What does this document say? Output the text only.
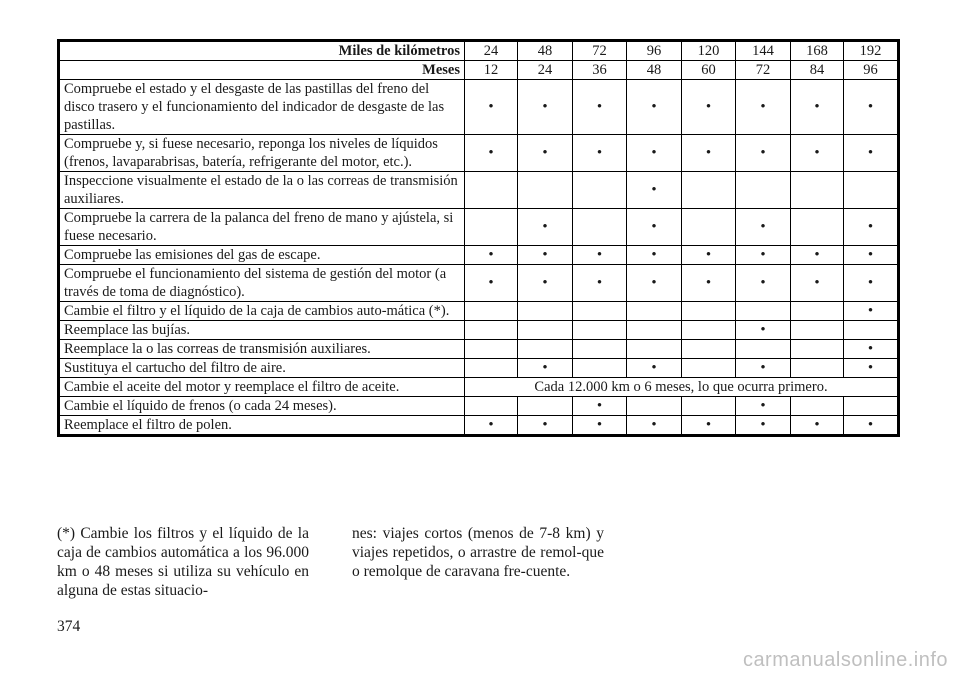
Miles de kilómetros	24	48	72	96	120	144	168	192
Meses	12	24	36	48	60	72	84	96
Compruebe el estado y el desgaste de las pastillas del freno del disco trasero y el funcionamiento del indicador de desgaste de las pastillas.	•	•	•	•	•	•	•	•
Compruebe y, si fuese necesario, reponga los niveles de líquidos (frenos, lavaparabrisas, batería, refrigerante del motor, etc.).	•	•	•	•	•	•	•	•
Inspeccione visualmente el estado de la o las correas de transmisión auxiliares.				•				
Compruebe la carrera de la palanca del freno de mano y ajústela, si fuese necesario.		•		•		•		•
Compruebe las emisiones del gas de escape.	•	•	•	•	•	•	•	•
Compruebe el funcionamiento del sistema de gestión del motor (a través de toma de diagnóstico).	•	•	•	•	•	•	•	•
Cambie el filtro y el líquido de la caja de cambios auto-mática (*).								•
Reemplace las bujías.						•		
Reemplace la o las correas de transmisión auxiliares.								•
Sustituya el cartucho del filtro de aire.		•		•		•		•
Cambie el aceite del motor y reemplace el filtro de aceite.	Cada 12.000 km o 6 meses, lo que ocurra primero.							
Cambie el líquido de frenos (o cada 24 meses).			•			•		
Reemplace el filtro de polen.	•	•	•	•	•	•	•	•

(*) Cambie los filtros y el líquido de la caja de cambios automática a los 96.000 km o 48 meses si utiliza su vehículo en alguna de estas situacio-

nes: viajes cortos (menos de 7-8 km) y viajes repetidos, o arrastre de remol-que o remolque de caravana fre-cuente.

374
carmanualsonline.info
